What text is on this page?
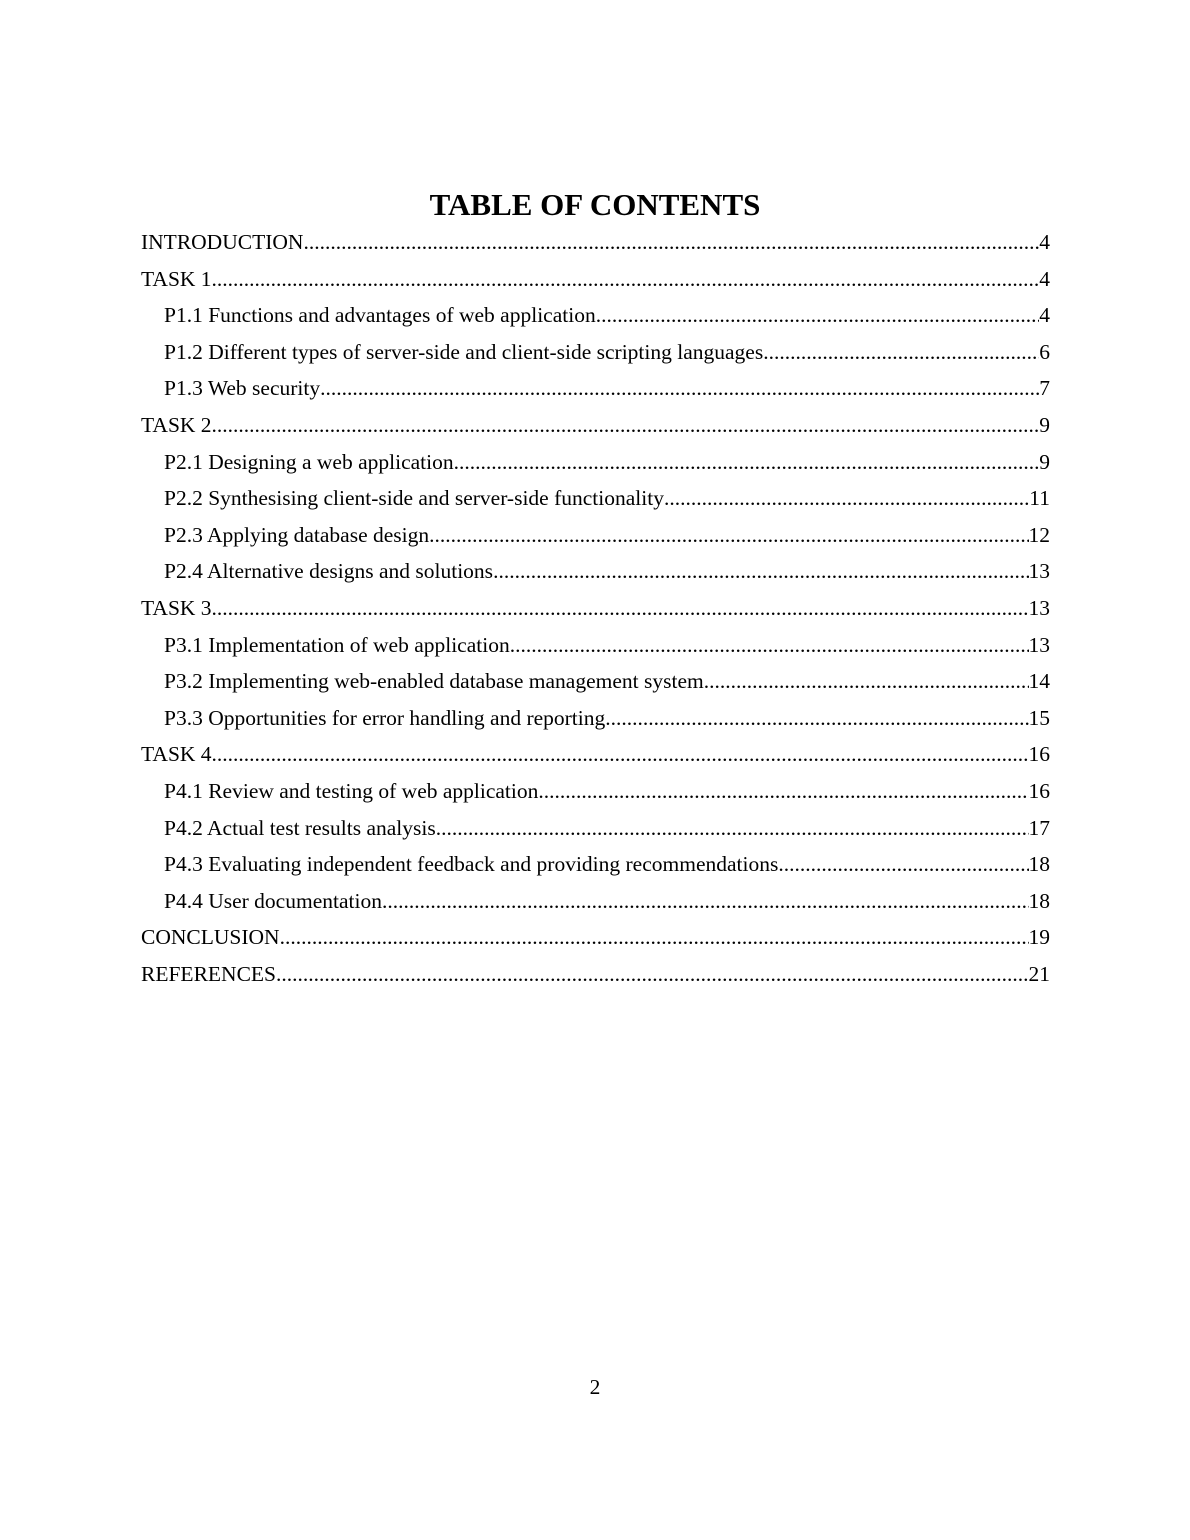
TABLE OF CONTENTS
INTRODUCTION .....	4
TASK 1 .....	4
P1.1 Functions and advantages of web application .....	4
P1.2 Different types of server-side and client-side scripting languages .....	6
P1.3 Web security .....	7
TASK 2 .....	9
P2.1 Designing a web application .....	9
P2.2 Synthesising client-side and server-side functionality .....	11
P2.3 Applying database design .....	12
P2.4 Alternative designs and solutions .....	13
TASK 3 .....	13
P3.1 Implementation of web application .....	13
P3.2 Implementing web-enabled database management system .....	14
P3.3 Opportunities for error handling and reporting .....	15
TASK 4 .....	16
P4.1 Review and testing of web application .....	16
P4.2 Actual test results analysis .....	17
P4.3 Evaluating independent feedback and providing recommendations .....	18
P4.4 User documentation .....	18
CONCLUSION .....	19
REFERENCES .....	21
2
